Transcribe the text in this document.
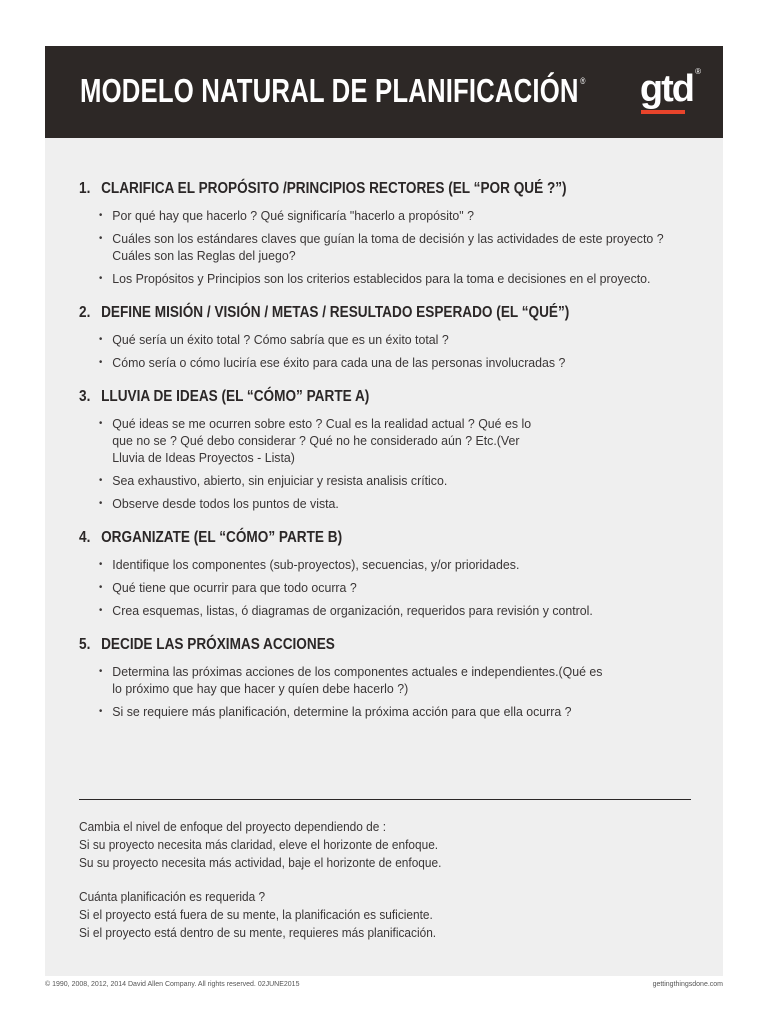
MODELO NATURAL DE PLANIFICACIÓN ® gtd ®
1. CLARIFICA EL PROPÓSITO /PRINCIPIOS RECTORES (EL “POR QUÉ ?”)
• Por qué hay que hacerlo ? Qué significaría "hacerlo a propósito" ?
• Cuáles son los estándares claves que guían la toma de decisión y las actividades de este proyecto ?
Cuáles son las Reglas del juego?
• Los Propósitos y Principios son los criterios establecidos para la toma e decisiones en el proyecto.
2. DEFINE MISIÓN / VISIÓN / METAS / RESULTADO ESPERADO (EL “QUÉ”)
• Qué sería un éxito total ? Cómo sabría que es un éxito total ?
• Cómo sería o cómo luciría ese éxito para cada una de las personas involucradas ?
3. LLUVIA DE IDEAS (EL “CÓMO” PARTE A)
• Qué ideas se me ocurren sobre esto ? Cual es la realidad actual ? Qué es lo
que no se ? Qué debo considerar ? Qué no he considerado aún ? Etc.(Ver
Lluvia de Ideas Proyectos - Lista)
• Sea exhaustivo, abierto, sin enjuiciar y resista analisis crítico.
• Observe desde todos los puntos de vista.
4. ORGANIZATE (EL “CÓMO” PARTE B)
• Identifique los componentes (sub-proyectos), secuencias, y/or prioridades.
• Qué tiene que ocurrir para que todo ocurra ?
• Crea esquemas, listas, ó diagramas de organización, requeridos para revisión y control.
5. DECIDE LAS PRÓXIMAS ACCIONES
• Determina las próximas acciones de los componentes actuales e independientes.(Qué es
lo próximo que hay que hacer y quíen debe hacerlo ?)
• Si se requiere más planificación, determine la próxima acción para que ella ocurra ?

Cambia el nivel de enfoque del proyecto dependiendo de :
Si su proyecto necesita más claridad, eleve el horizonte de enfoque.
Su su proyecto necesita más actividad, baje el horizonte de enfoque.

Cuánta planificación es requerida ?
Si el proyecto está fuera de su mente, la planificación es suficiente.
Si el proyecto está dentro de su mente, requieres más planificación.

© 1990, 2008, 2012, 2014 David Allen Company. All rights reserved. 02JUNE2015	gettingthingsdone.com
